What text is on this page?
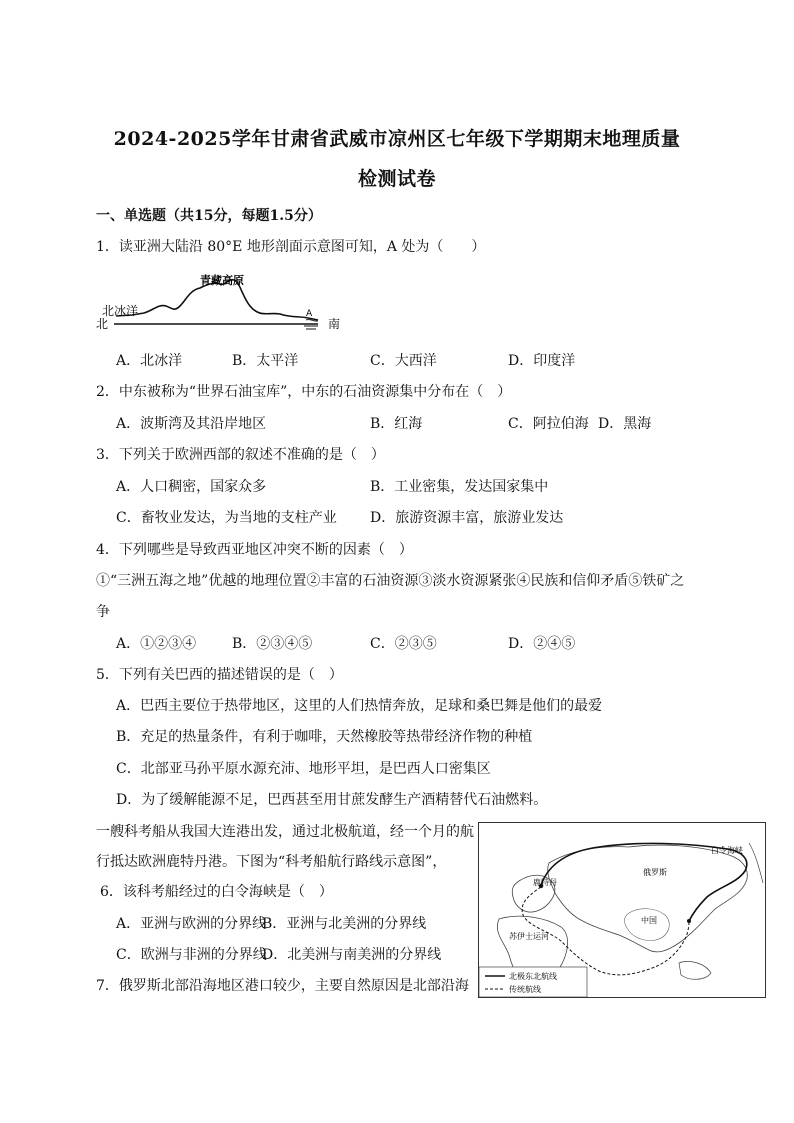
2024-2025学年甘肃省武威市凉州区七年级下学期期末地理质量
检测试卷
一、单选题（共15分，每题1.5分）
1．读亚洲大陆沿 80°E 地形剖面示意图可知，A 处为（　　）
青藏高原
北冰洋
北
A
南
A．北冰洋	B．太平洋	C．大西洋	D．印度洋
2．中东被称为“世界石油宝库”，中东的石油资源集中分布在（　）
A．波斯湾及其沿岸地区	B．红海	C．阿拉伯海 D．黑海
3．下列关于欧洲西部的叙述不准确的是（　）
A．人口稠密，国家众多	B．工业密集，发达国家集中
C．畜牧业发达，为当地的支柱产业 D．旅游资源丰富，旅游业发达
4．下列哪些是导致西亚地区冲突不断的因素（　）
①“三洲五海之地”优越的地理位置②丰富的石油资源③淡水资源紧张④民族和信仰矛盾⑤铁矿之
争
A．①②③④	B．②③④⑤	C．②③⑤	D．②④⑤
5．下列有关巴西的描述错误的是（　）
A．巴西主要位于热带地区，这里的人们热情奔放，足球和桑巴舞是他们的最爱
B．充足的热量条件，有利于咖啡，天然橡胶等热带经济作物的种植
C．北部亚马孙平原水源充沛、地形平坦，是巴西人口密集区
D．为了缓解能源不足，巴西甚至用甘蔗发酵生产酒精替代石油燃料。
一艘科考船从我国大连港出发，通过北极航道，经一个月的航
行抵达欧洲鹿特丹港。下图为“科考船航行路线示意图”，
6．该科考船经过的白令海峡是（　）
A．亚洲与欧洲的分界线
B．亚洲与北美洲的分界线
C．欧洲与非洲的分界线
D．北美洲与南美洲的分界线
7．俄罗斯北部沿海地区港口较少，主要自然原因是北部沿海
白令海峡
鹿特丹
俄罗斯
中国
苏伊士运河
北极东北航线
传统航线
